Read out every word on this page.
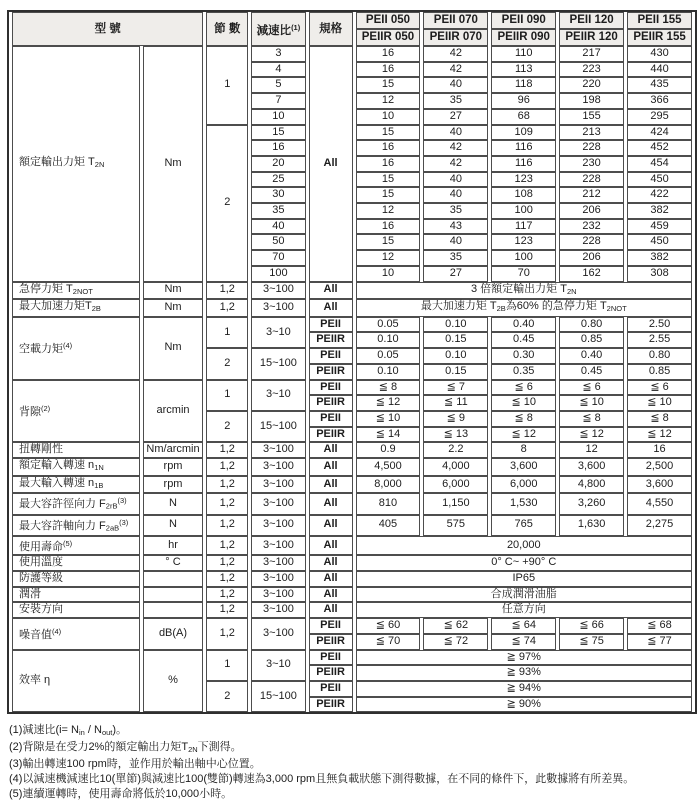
型 號		節 數	減速比$^{(1)}$	規格	PEII 050	PEII 070	PEII 090	PEII 120	PEII 155
					PEIIR 050	PEIIR 070	PEIIR 090	PEIIR 120	PEIIR 155
額定輸出力矩 $T_{2N}$	Nm	1	3	All	16	42	110	217	430
			4		16	42	113	223	440
			5		15	40	118	220	435
			7		12	35	96	198	366
			10		10	27	68	155	295
		2	15		15	40	109	213	424
			16		16	42	116	228	452
			20		16	42	116	230	454
			25		15	40	123	228	450
			30		15	40	108	212	422
			35		12	35	100	206	382
			40		16	43	117	232	459
			50		15	40	123	228	450
			70		12	35	100	206	382
			100		10	27	70	162	308
急停力矩 $T_{2NOT}$	Nm	1,2	3~100	All	3 倍額定輸出力矩 $T_{2N}$
最大加速力矩$T_{2B}$	Nm	1,2	3~100	All	最大加速力矩 $T_{2B}$為60% 的急停力矩 $T_{2NOT}$
空載力矩$^{(4)}$	Nm	1	3~10	PEII	0.05	0.10	0.40	0.80	2.50
				PEIIR	0.10	0.15	0.45	0.85	2.55
		2	15~100	PEII	0.05	0.10	0.30	0.40	0.80
				PEIIR	0.10	0.15	0.35	0.45	0.85
背隙$^{(2)}$	arcmin	1	3~10	PEII	≦ 8	≦ 7	≦ 6	≦ 6	≦ 6
				PEIIR	≦ 12	≦ 11	≦ 10	≦ 10	≦ 10
		2	15~100	PEII	≦ 10	≦ 9	≦ 8	≦ 8	≦ 8
				PEIIR	≦ 14	≦ 13	≦ 12	≦ 12	≦ 12
扭轉剛性	Nm/arcmin	1,2	3~100	All	0.9	2.2	8	12	16
額定輸入轉速 $n_{1N}$	rpm	1,2	3~100	All	4,500	4,000	3,600	3,600	2,500
最大輸入轉速 $n_{1B}$	rpm	1,2	3~100	All	8,000	6,000	6,000	4,800	3,600
最大容許徑向力 $F_{2rB}^{(3)}$	N	1,2	3~100	All	810	1,150	1,530	3,260	4,550
最大容許軸向力 $F_{2aB}^{(3)}$	N	1,2	3~100	All	405	575	765	1,630	2,275
使用壽命$^{(5)}$	hr	1,2	3~100	All	20,000				
使用溫度	° C	1,2	3~100	All	0° C~ +90° C				
防護等級		1,2	3~100	All	IP65				
潤滑		1,2	3~100	All	合成潤滑油脂				
安裝方向		1,2	3~100	All	任意方向				
噪音值$^{(4)}$	dB(A)	1,2	3~100	PEII	≦ 60	≦ 62	≦ 64	≦ 66	≦ 68
				PEIIR	≦ 70	≦ 72	≦ 74	≦ 75	≦ 77
效率 η	%	1	3~10	PEII	≧ 97%				
				PEIIR	≧ 93%				
		2	15~100	PEII	≧ 94%				
				PEIIR	≧ 90%				
(1)減速比$(i= N_{in} / N_{out})$。
(2)背隙是在受力2%的額定輸出力矩$T_{2N}$下測得。
(3)輸出轉速100 rpm時，並作用於輸出軸中心位置。
(4)以減速機減速比10(單節)與減速比100(雙節)轉速為3,000 rpm且無負載狀態下測得數據，在不同的條件下，此數據將有所差異。
(5)連續運轉時，使用壽命將低於10,000小時。
